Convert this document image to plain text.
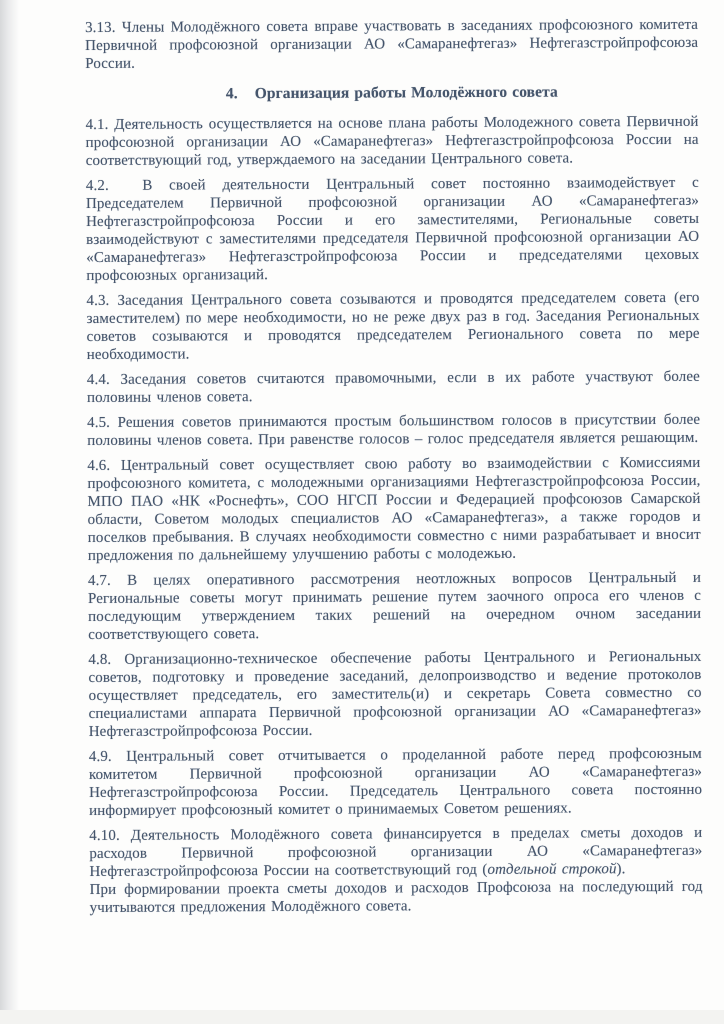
3.13. Члены Молодёжного совета вправе участвовать в заседаниях профсоюзного комитета Первичной профсоюзной организации АО «Самаранефтегаз» Нефтегазстройпрофсоюза России.

4. Организация работы Молодёжного совета

4.1. Деятельность осуществляется на основе плана работы Молодежного совета Первичной профсоюзной организации АО «Самаранефтегаз» Нефтегазстройпрофсоюза России на соответствующий год, утверждаемого на заседании Центрального совета.

4.2.  В своей деятельности Центральный совет постоянно взаимодействует с Председателем Первичной профсоюзной организации АО «Самаранефтегаз» Нефтегазстройпрофсоюза России и его заместителями, Региональные советы взаимодействуют с заместителями председателя Первичной профсоюзной организации АО «Самаранефтегаз» Нефтегазстройпрофсоюза России и председателями цеховых профсоюзных организаций.

4.3. Заседания Центрального совета созываются и проводятся председателем совета (его заместителем) по мере необходимости, но не реже двух раз в год. Заседания Региональных советов созываются и проводятся председателем Регионального совета по мере необходимости.

4.4. Заседания советов считаются правомочными, если в их работе участвуют более половины членов совета.

4.5. Решения советов принимаются простым большинством голосов в присутствии более половины членов совета. При равенстве голосов – голос председателя является решающим.

4.6. Центральный совет осуществляет свою работу во взаимодействии с Комиссиями профсоюзного комитета, с молодежными организациями Нефтегазстройпрофсоюза России, МПО ПАО «НК «Роснефть», СОО НГСП России и Федерацией профсоюзов Самарской области, Советом молодых специалистов АО «Самаранефтегаз», а также городов и поселков пребывания. В случаях необходимости совместно с ними разрабатывает и вносит предложения по дальнейшему улучшению работы с молодежью.

4.7. В целях оперативного рассмотрения неотложных вопросов Центральный и Региональные советы могут принимать решение путем заочного опроса его членов с последующим утверждением таких решений на очередном очном заседании соответствующего совета.

4.8. Организационно-техническое обеспечение работы Центрального и Региональных советов, подготовку и проведение заседаний, делопроизводство и ведение протоколов осуществляет председатель, его заместитель(и) и секретарь Совета совместно со специалистами аппарата Первичной профсоюзной организации АО «Самаранефтегаз» Нефтегазстройпрофсоюза России.

4.9. Центральный совет отчитывается о проделанной работе перед профсоюзным комитетом Первичной профсоюзной организации АО «Самаранефтегаз» Нефтегазстройпрофсоюза России. Председатель Центрального совета постоянно информирует профсоюзный комитет о принимаемых Советом решениях.

4.10. Деятельность Молодёжного совета финансируется в пределах сметы доходов и расходов Первичной профсоюзной организации АО «Самаранефтегаз» Нефтегазстройпрофсоюза России на соответствующий год (отдельной строкой).

При формировании проекта сметы доходов и расходов Профсоюза на последующий год учитываются предложения Молодёжного совета.
